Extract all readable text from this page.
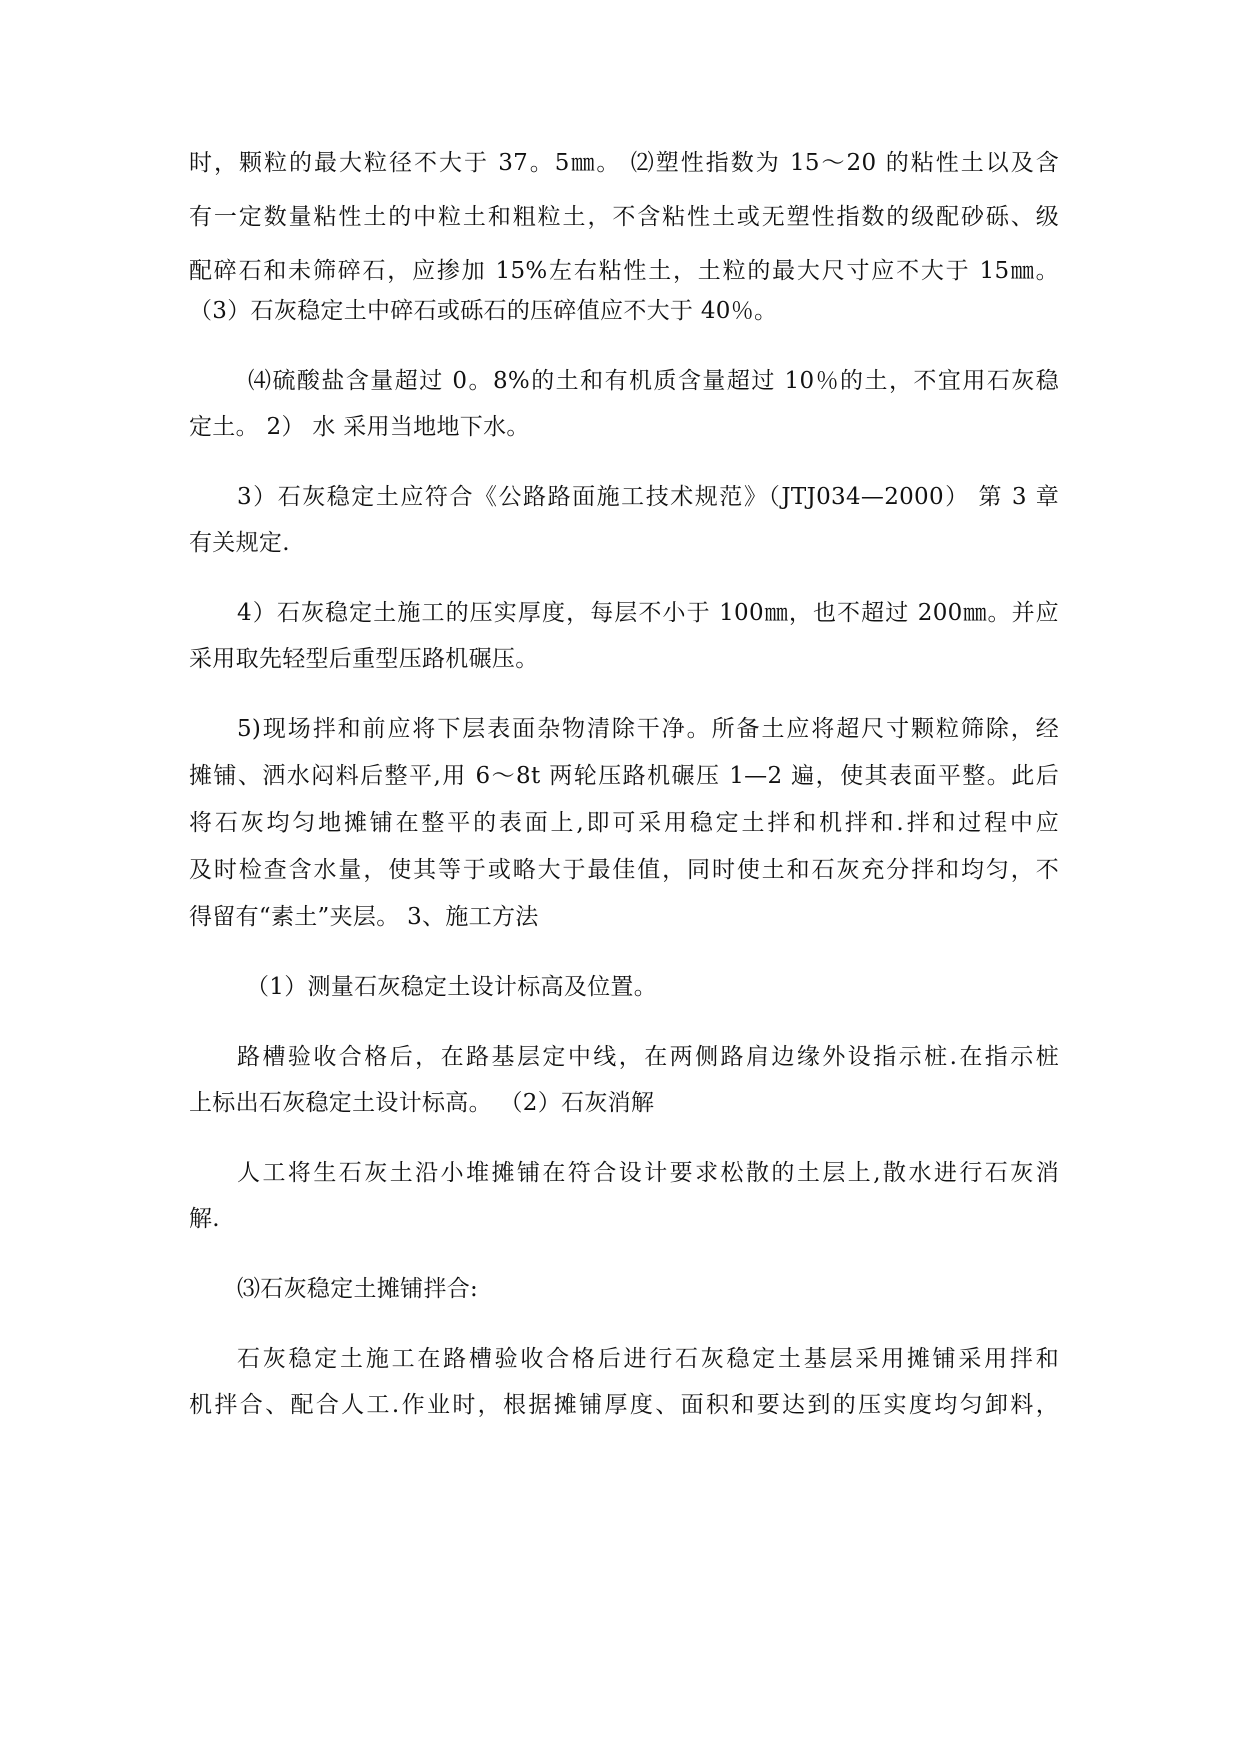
时，颗粒的最大粒径不大于 37。5㎜。 ⑵塑性指数为 15～20 的粘性土以及含
有一定数量粘性土的中粒土和粗粒土，不含粘性土或无塑性指数的级配砂砾、级
配碎石和未筛碎石，应掺加 15%左右粘性土，土粒的最大尺寸应不大于 15㎜。
（3）石灰稳定土中碎石或砾石的压碎值应不大于 40％。
⑷硫酸盐含量超过 0。8%的土和有机质含量超过 10％的土，不宜用石灰稳
定土。 2） 水 采用当地地下水。
3）石灰稳定土应符合《公路路面施工技术规范》（JTJ034—2000） 第 3 章
有关规定.
4）石灰稳定土施工的压实厚度，每层不小于 100㎜，也不超过 200㎜。并应
采用取先轻型后重型压路机碾压。
5)现场拌和前应将下层表面杂物清除干净。所备土应将超尺寸颗粒筛除，经
摊铺、洒水闷料后整平,用 6～8t 两轮压路机碾压 1—2 遍，使其表面平整。此后
将石灰均匀地摊铺在整平的表面上,即可采用稳定土拌和机拌和.拌和过程中应
及时检查含水量，使其等于或略大于最佳值，同时使土和石灰充分拌和均匀，不
得留有“素土”夹层。 3、施工方法
（1）测量石灰稳定土设计标高及位置。
路槽验收合格后，在路基层定中线，在两侧路肩边缘外设指示桩.在指示桩
上标出石灰稳定土设计标高。 （2）石灰消解
人工将生石灰土沿小堆摊铺在符合设计要求松散的土层上,散水进行石灰消
解.
⑶石灰稳定土摊铺拌合:
石灰稳定土施工在路槽验收合格后进行石灰稳定土基层采用摊铺采用拌和
机拌合、配合人工.作业时，根据摊铺厚度、面积和要达到的压实度均匀卸料，
